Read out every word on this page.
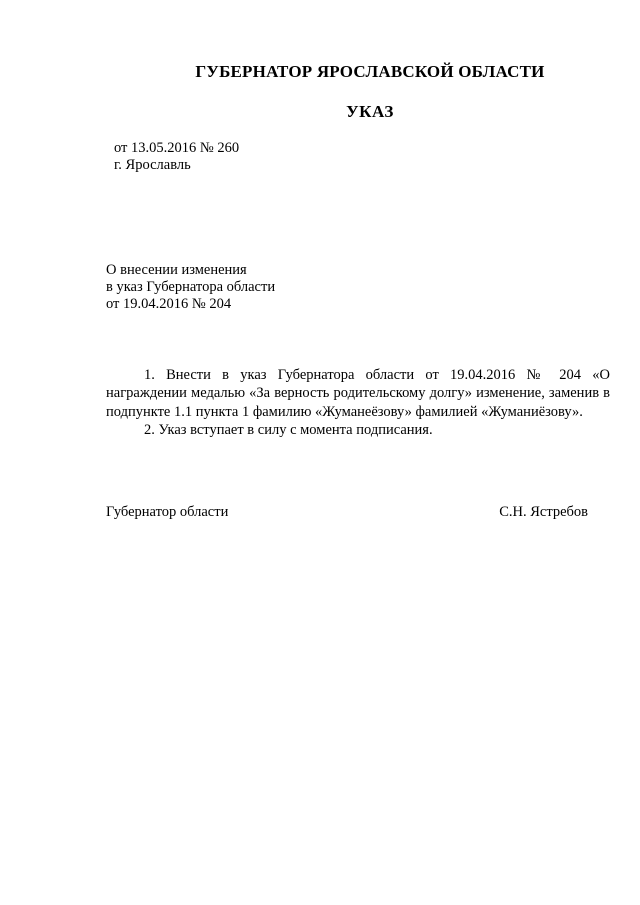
ГУБЕРНАТОР ЯРОСЛАВСКОЙ ОБЛАСТИ
УКАЗ
от 13.05.2016 № 260
г. Ярославль
О внесении изменения
в указ Губернатора области
от 19.04.2016 № 204

1. Внести в указ Губернатора области от 19.04.2016 № 204 «О награждении медалью «За верность родительскому долгу» изменение, заменив в подпункте 1.1 пункта 1 фамилию «Жуманеёзову» фамилией «Жуманиёзову».

2. Указ вступает в силу с момента подписания.

Губернатор области	С.Н. Ястребов
